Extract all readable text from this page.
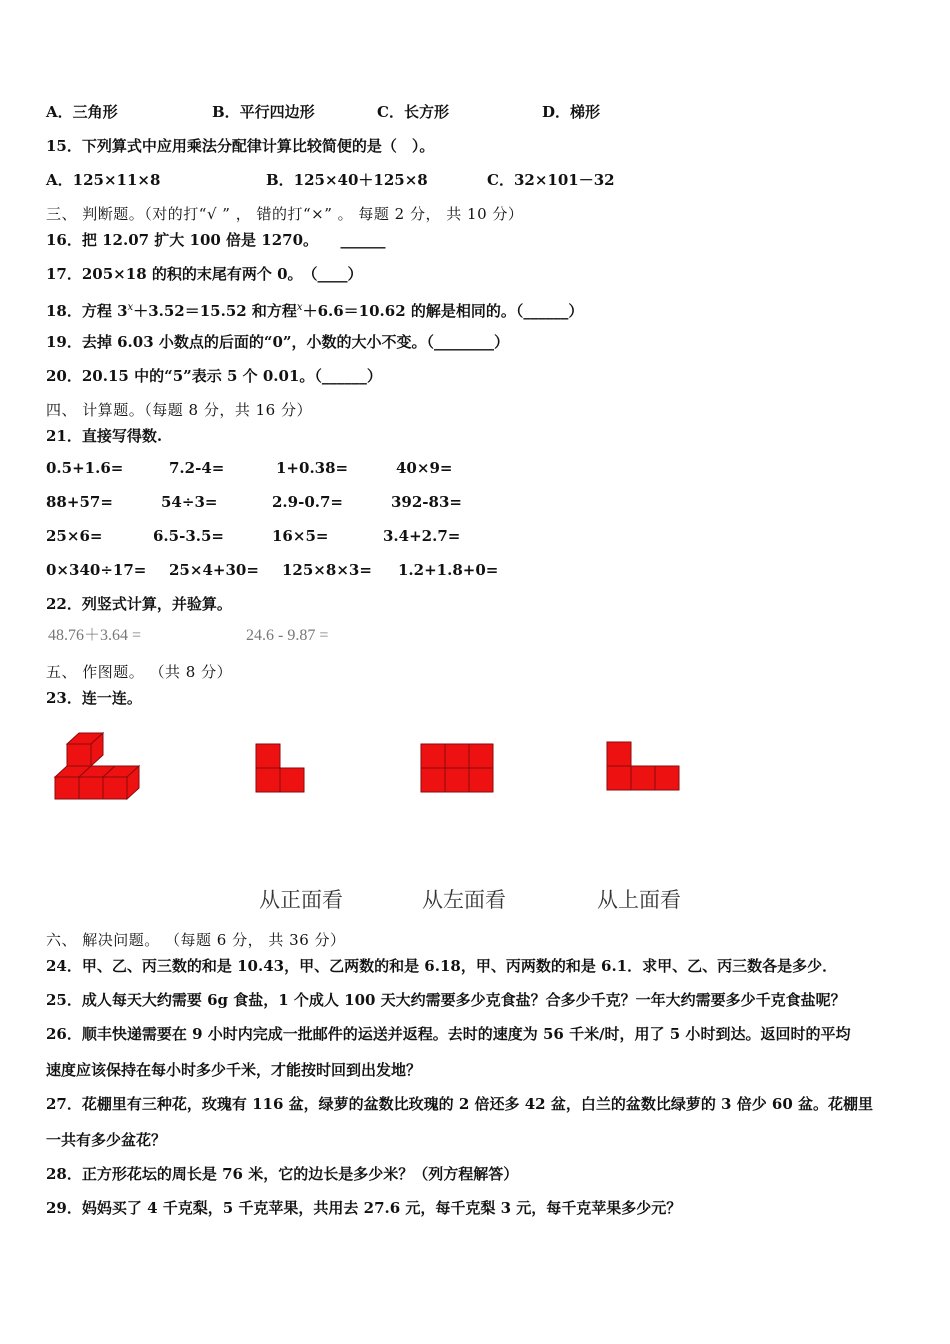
A．三角形	B．平行四边形	C．长方形	D．梯形
15．下列算式中应用乘法分配律计算比较简便的是（　）。
A．125×11×8	B．125×40＋125×8	C．32×101－32
三、 判断题。（对的打“√ ” ， 错的打“×” 。 每题 2 分， 共 10 分）
16．把 12.07 扩大 100 倍是 1270。　　______
17．205×18 的积的末尾有两个 0。　（____）
18．方程 $3^x+3.52=15.52$ 和方程$^x$＋6.6＝10.62 的解是相同的。（______）
19．去掉 6.03 小数点的后面的“0”，小数的大小不变。（________）
20．20.15 中的“5”表示 5 个 0.01。（______）
四、 计算题。（每题 8 分，共 16 分）
21．直接写得数.
0.5+1.6=	7.2-4=	1+0.38=	40×9=
88+57=	54÷3=	2.9-0.7=	392-83=
25×6=	6.5-3.5=	16×5=	3.4+2.7=
0×340÷17= 25×4+30= 125×8×3= 1.2+1.8+0=
22．列竖式计算，并验算。
48.76＋3.64 =	24.6 - 9.87 =
五、 作图题。 （共 8 分）
23．连一连。
从正面看	从左面看	从上面看
六、 解决问题。 （每题 6 分， 共 36 分）
24．甲、乙、丙三数的和是 10.43，甲、乙两数的和是 6.18，甲、丙两数的和是 6.1．求甲、乙、丙三数各是多少．
25．成人每天大约需要 6g 食盐，1 个成人 100 天大约需要多少克食盐？合多少千克？一年大约需要多少千克食盐呢？
26．顺丰快递需要在 9 小时内完成一批邮件的运送并返程。去时的速度为 56 千米/时，用了 5 小时到达。返回时的平均
速度应该保持在每小时多少千米，才能按时回到出发地？
27．花棚里有三种花，玫瑰有 116 盆，绿萝的盆数比玫瑰的 2 倍还多 42 盆，白兰的盆数比绿萝的 3 倍少 60 盆。花棚里
一共有多少盆花？
28．正方形花坛的周长是 76 米，它的边长是多少米？（列方程解答）
29．妈妈买了 4 千克梨，5 千克苹果，共用去 27.6 元，每千克梨 3 元，每千克苹果多少元？
